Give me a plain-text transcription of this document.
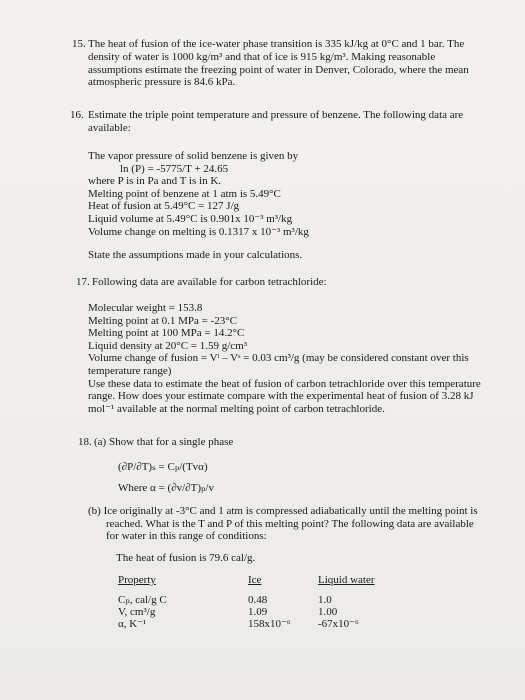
15. The heat of fusion of the ice-water phase transition is 335 kJ/kg at 0°C and 1 bar. The
density of water is 1000 kg/m³ and that of ice is 915 kg/m³. Making reasonable
assumptions estimate the freezing point of water in Denver, Colorado, where the mean
atmospheric pressure is 84.6 kPa.
16. Estimate the triple point temperature and pressure of benzene. The following data are
available:
The vapor pressure of solid benzene is given by
ln (P) = -5775/T + 24.65
where P is in Pa and T is in K.
Melting point of benzene at 1 atm is 5.49°C
Heat of fusion at 5.49°C = 127 J/g
Liquid volume at 5.49°C is 0.901x 10⁻³ m³/kg
Volume change on melting is 0.1317 x 10⁻³ m³/kg
State the assumptions made in your calculations.
17. Following data are available for carbon tetrachloride:
Molecular weight = 153.8
Melting point at 0.1 MPa = -23°C
Melting point at 100 MPa = 14.2°C
Liquid density at 20°C = 1.59 g/cm³
Volume change of fusion = Vˡ – Vˢ = 0.03 cm³/g (may be considered constant over this
temperature range)
Use these data to estimate the heat of fusion of carbon tetrachloride over this temperature
range. How does your estimate compare with the experimental heat of fusion of 3.28 kJ
mol⁻¹ available at the normal melting point of carbon tetrachloride.
18. (a) Show that for a single phase
(∂P/∂T)ₛ = Cₚ/(Tvα)
Where α = (∂v/∂T)ₚ/v
(b) Ice originally at -3°C and 1 atm is compressed adiabatically until the melting point is
reached. What is the T and P of this melting point? The following data are available
for water in this range of conditions:
The heat of fusion is 79.6 cal/g.
Property
Cₚ, cal/g C
V, cm³/g
α, K⁻¹
Ice
0.48
1.09
158x10⁻⁶
Liquid water
1.0
1.00
-67x10⁻⁶
